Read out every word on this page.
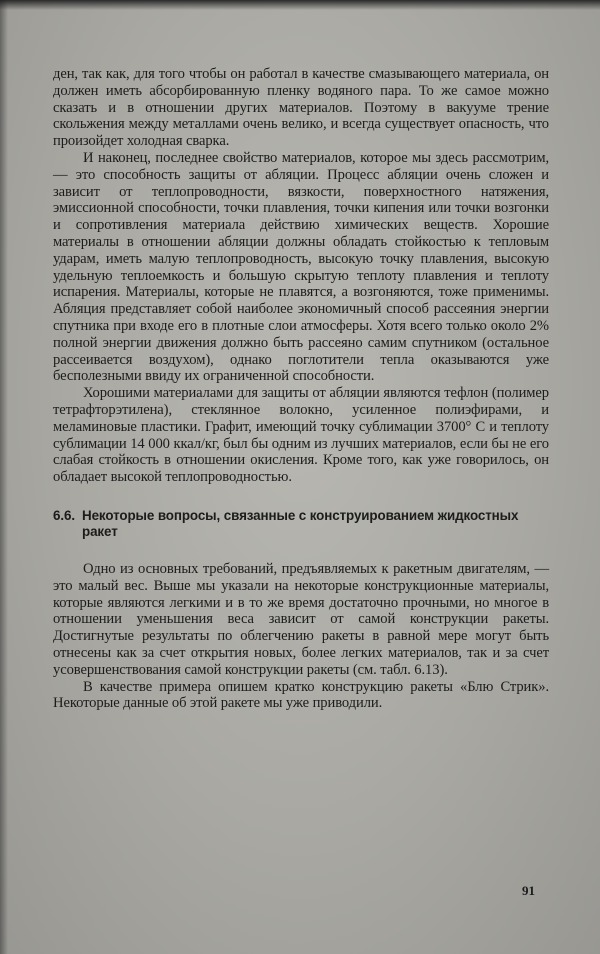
ден, так как, для того чтобы он работал в качестве смазывающего материала, он должен иметь абсорбированную пленку водяного пара. То же самое можно сказать и в отношении других материалов. Поэтому в вакууме трение скольжения между металлами очень велико, и всегда существует опасность, что произойдет холодная сварка.

И наконец, последнее свойство материалов, которое мы здесь рассмотрим, — это способность защиты от абляции. Процесс абляции очень сложен и зависит от теплопроводности, вязкости, поверхностного натяжения, эмиссионной способности, точки плавления, точки кипения или точки возгонки и сопротивления материала действию химических веществ. Хорошие материалы в отношении абляции должны обладать стойкостью к тепловым ударам, иметь малую теплопроводность, высокую точку плавления, высокую удельную теплоемкость и большую скрытую теплоту плавления и теплоту испарения. Материалы, которые не плавятся, а возгоняются, тоже применимы. Абляция представляет собой наиболее экономичный способ рассеяния энергии спутника при входе его в плотные слои атмосферы. Хотя всего только около 2% полной энергии движения должно быть рассеяно самим спутником (остальное рассеивается воздухом), однако поглотители тепла оказываются уже бесполезными ввиду их ограниченной способности.

Хорошими материалами для защиты от абляции являются тефлон (полимер тетрафторэтилена), стеклянное волокно, усиленное полиэфирами, и меламиновые пластики. Графит, имеющий точку сублимации 3700° С и теплоту сублимации 14 000 ккал/кг, был бы одним из лучших материалов, если бы не его слабая стойкость в отношении окисления. Кроме того, как уже говорилось, он обладает высокой теплопроводностью.

6.6. Некоторые вопросы, связанные с конструированием жидкостных ракет

Одно из основных требований, предъявляемых к ракетным двигателям, — это малый вес. Выше мы указали на некоторые конструкционные материалы, которые являются легкими и в то же время достаточно прочными, но многое в отношении уменьшения веса зависит от самой конструкции ракеты. Достигнутые результаты по облегчению ракеты в равной мере могут быть отнесены как за счет открытия новых, более легких материалов, так и за счет усовершенствования самой конструкции ракеты (см. табл. 6.13).

В качестве примера опишем кратко конструкцию ракеты «Блю Стрик». Некоторые данные об этой ракете мы уже приводили.

91
